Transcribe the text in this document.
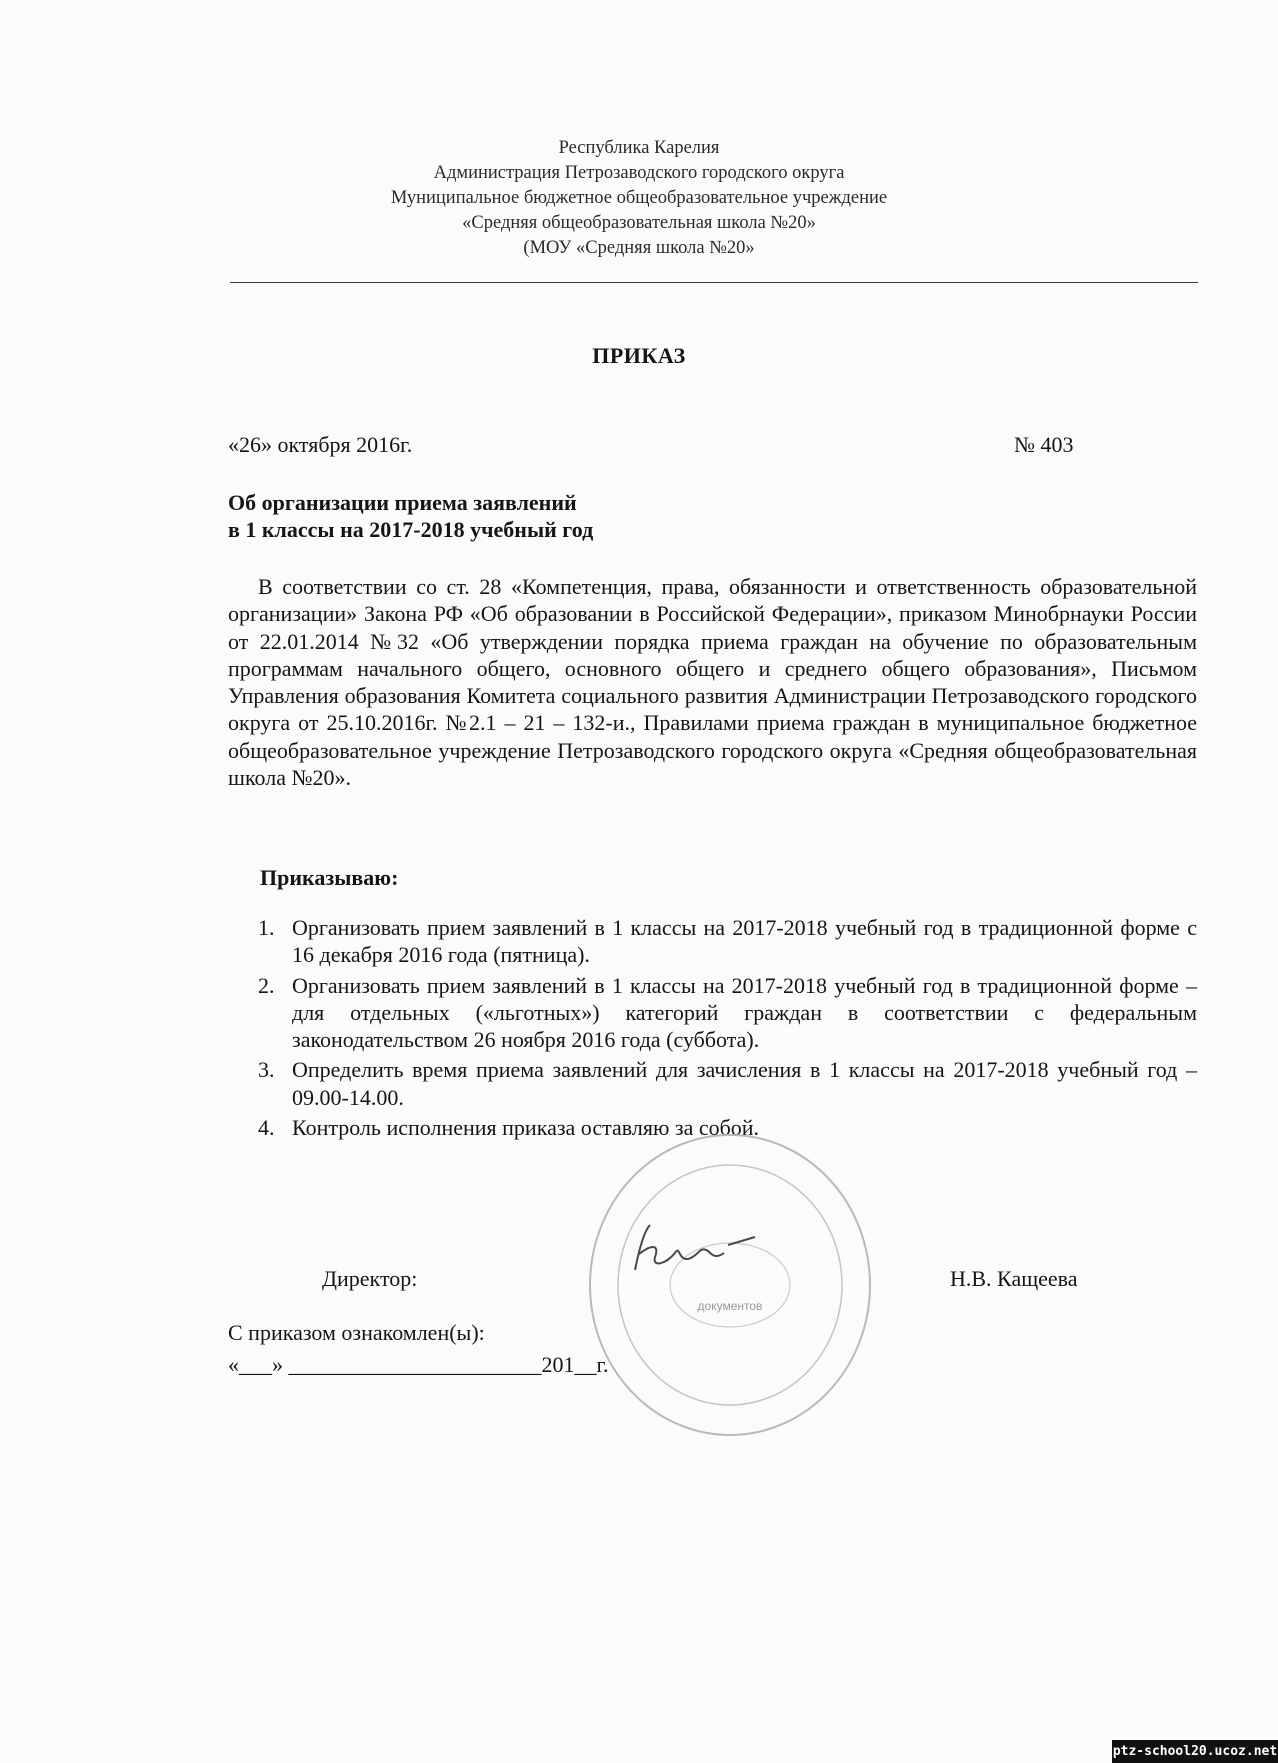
Республика Карелия
Администрация Петрозаводского городского округа
Муниципальное бюджетное общеобразовательное учреждение
«Средняя общеобразовательная школа №20»
(МОУ «Средняя школа №20»
ПРИКАЗ
«26» октября 2016г.	№ 403
Об организации приема заявлений
в 1 классы на 2017-2018 учебный год
В соответствии со ст. 28 «Компетенция, права, обязанности и ответственность образовательной организации» Закона РФ «Об образовании в Российской Федерации», приказом Минобрнауки России от 22.01.2014 №32 «Об утверждении порядка приема граждан на обучение по образовательным программам начального общего, основного общего и среднего общего образования», Письмом Управления образования Комитета социального развития Администрации Петрозаводского городского округа от 25.10.2016г. №2.1 – 21 – 132-и., Правилами приема граждан в муниципальное бюджетное общеобразовательное учреждение Петрозаводского городского округа «Средняя общеобразовательная школа №20».
Приказываю:
1. Организовать прием заявлений в 1 классы на 2017-2018 учебный год в традиционной форме с 16 декабря 2016 года (пятница).
2. Организовать прием заявлений в 1 классы на 2017-2018 учебный год в традиционной форме – для отдельных («льготных») категорий граждан в соответствии с федеральным законодательством 26 ноября 2016 года (суббота).
3. Определить время приема заявлений для зачисления в 1 классы на 2017-2018 учебный год – 09.00-14.00.
4. Контроль исполнения приказа оставляю за собой.
документов
Директор:	Н.В. Кащеева
С приказом ознакомлен(ы):
«___» _______________________201__г.
ptz-school20.ucoz.net
